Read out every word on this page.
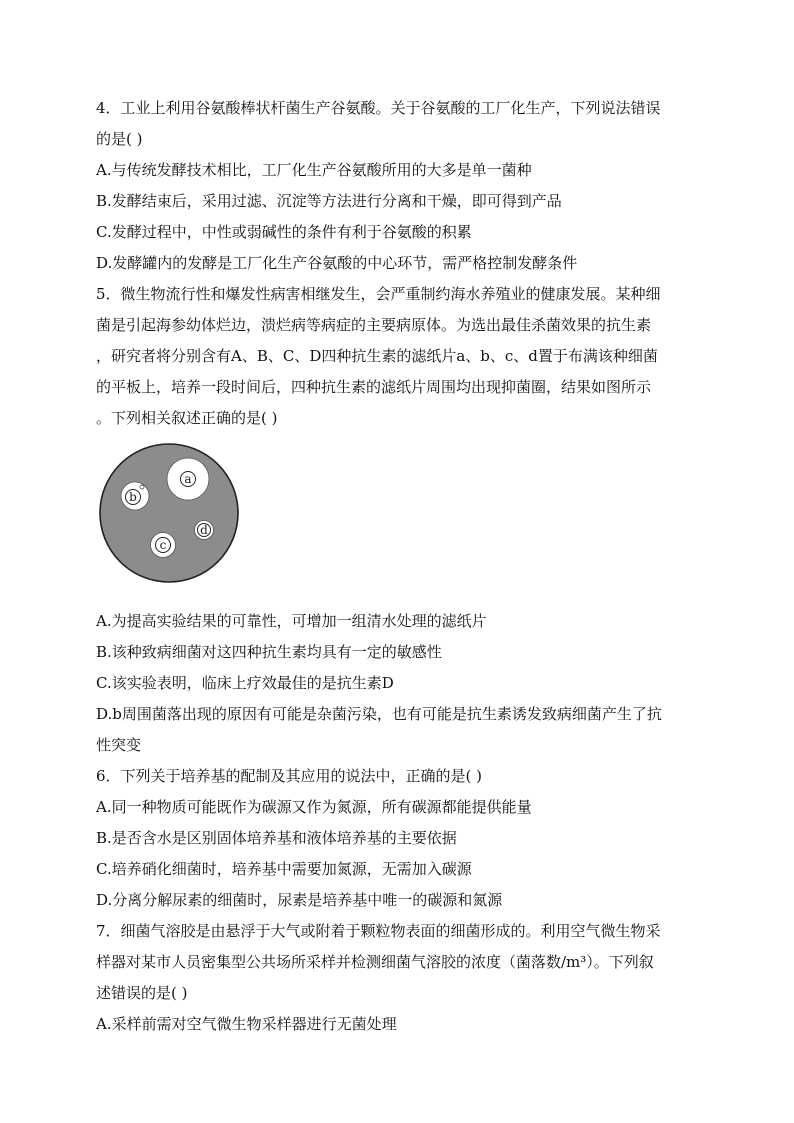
4．工业上利用谷氨酸棒状杆菌生产谷氨酸。关于谷氨酸的工厂化生产，下列说法错误
的是( )
A.与传统发酵技术相比，工厂化生产谷氨酸所用的大多是单一菌种
B.发酵结束后，采用过滤、沉淀等方法进行分离和干燥，即可得到产品
C.发酵过程中，中性或弱碱性的条件有利于谷氨酸的积累
D.发酵罐内的发酵是工厂化生产谷氨酸的中心环节，需严格控制发酵条件
5．微生物流行性和爆发性病害相继发生，会严重制约海水养殖业的健康发展。某种细
菌是引起海参幼体烂边，溃烂病等病症的主要病原体。为选出最佳杀菌效果的抗生素
，研究者将分别含有A、B、C、D四种抗生素的滤纸片a、b、c、d置于布满该种细菌
的平板上，培养一段时间后，四种抗生素的滤纸片周围均出现抑菌圈，结果如图所示
。下列相关叙述正确的是( )
a
b
c
d
A.为提高实验结果的可靠性，可增加一组清水处理的滤纸片
B.该种致病细菌对这四种抗生素均具有一定的敏感性
C.该实验表明，临床上疗效最佳的是抗生素D
D.b周围菌落出现的原因有可能是杂菌污染，也有可能是抗生素诱发致病细菌产生了抗
性突变
6．下列关于培养基的配制及其应用的说法中，正确的是( )
A.同一种物质可能既作为碳源又作为氮源，所有碳源都能提供能量
B.是否含水是区别固体培养基和液体培养基的主要依据
C.培养硝化细菌时，培养基中需要加氮源，无需加入碳源
D.分离分解尿素的细菌时，尿素是培养基中唯一的碳源和氮源
7．细菌气溶胶是由悬浮于大气或附着于颗粒物表面的细菌形成的。利用空气微生物采
样器对某市人员密集型公共场所采样并检测细菌气溶胶的浓度（菌落数/m³）。下列叙
述错误的是( )
A.采样前需对空气微生物采样器进行无菌处理
